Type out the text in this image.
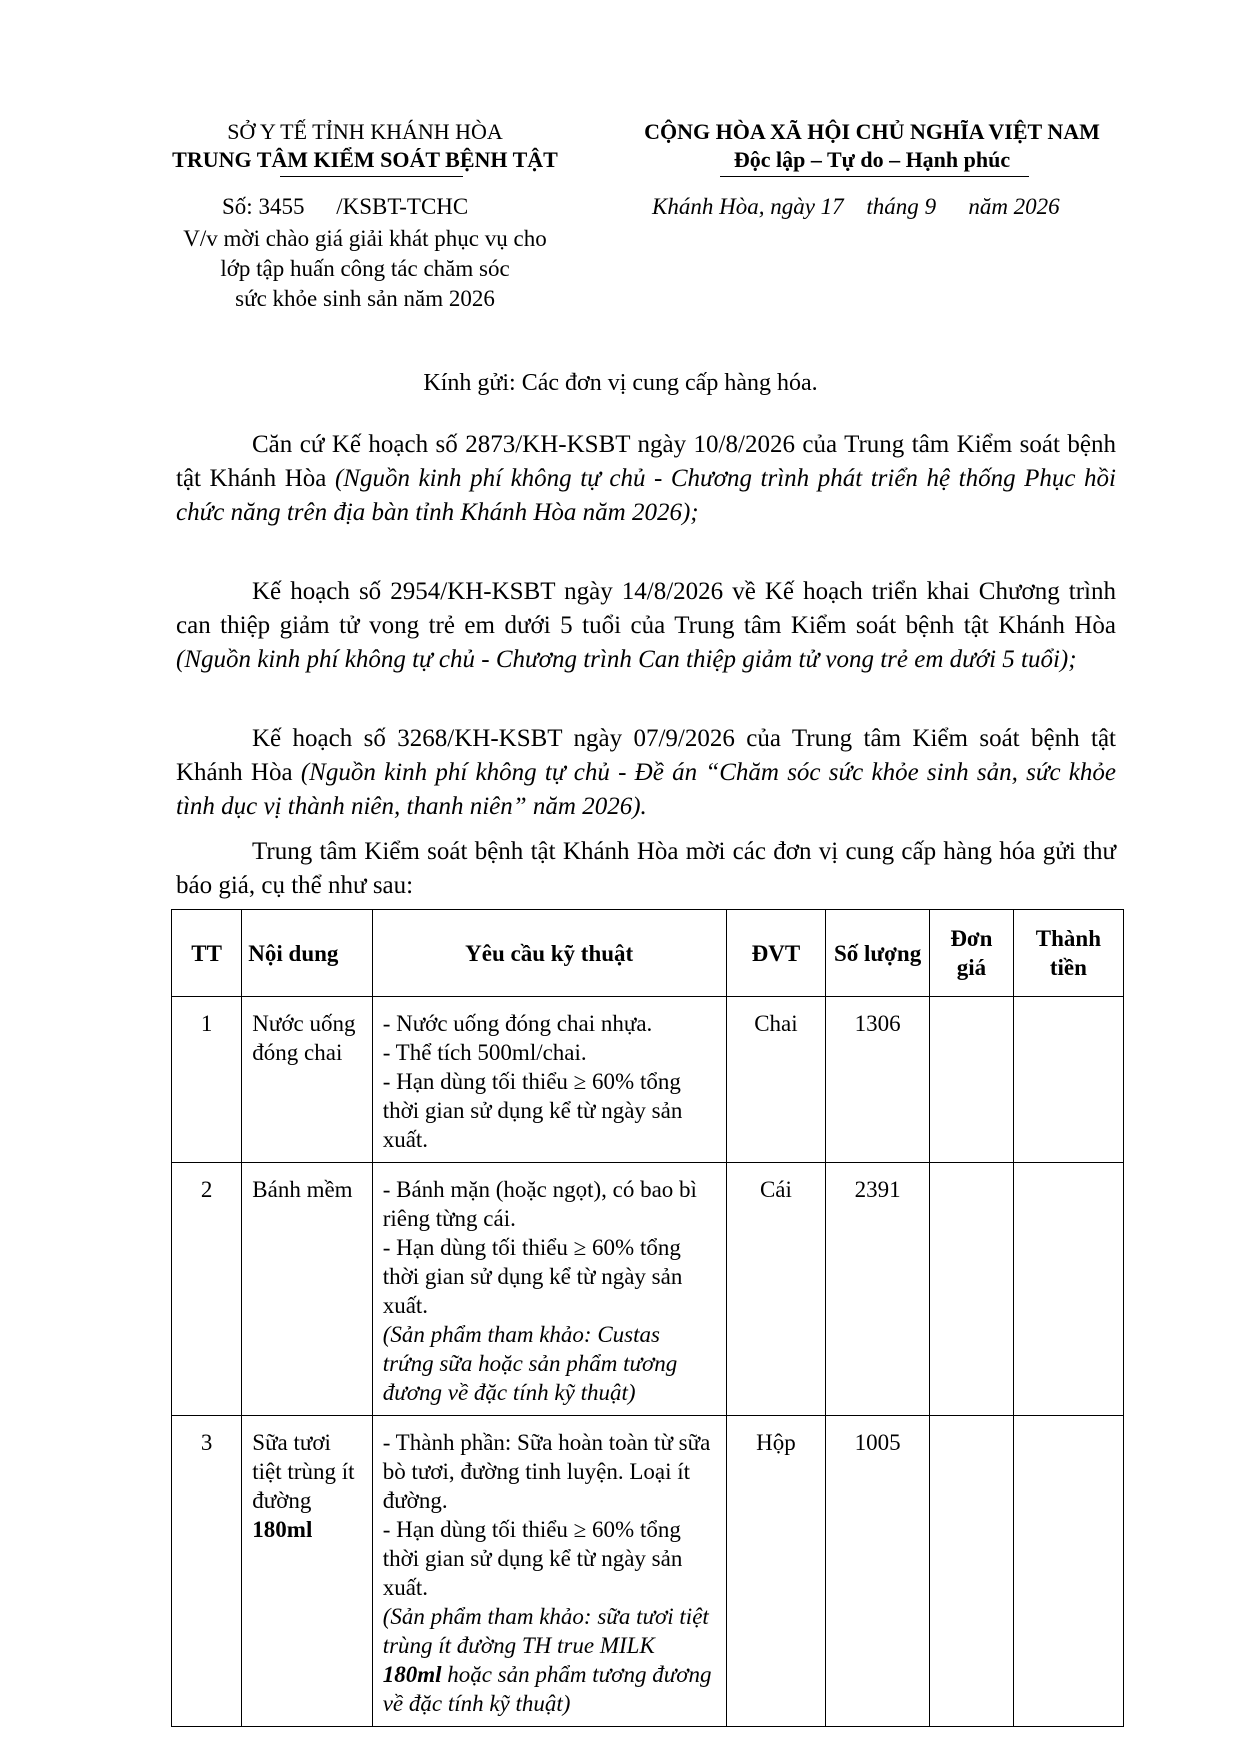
SỞ Y TẾ TỈNH KHÁNH HÒA
TRUNG TÂM KIỂM SOÁT BỆNH TẬT
CỘNG HÒA XÃ HỘI CHỦ NGHĨA VIỆT NAM
Độc lập – Tự do – Hạnh phúc
Số: 3455 /KSBT-TCHC
V/v mời chào giá giải khát phục vụ cho
lớp tập huấn công tác chăm sóc
sức khỏe sinh sản năm 2026
Khánh Hòa, ngày 17 tháng 9 năm 2026
Kính gửi: Các đơn vị cung cấp hàng hóa.

Căn cứ Kế hoạch số 2873/KH-KSBT ngày 10/8/2026 của Trung tâm Kiểm soát bệnh tật Khánh Hòa (Nguồn kinh phí không tự chủ - Chương trình phát triển hệ thống Phục hồi chức năng trên địa bàn tỉnh Khánh Hòa năm 2026);

Kế hoạch số 2954/KH-KSBT ngày 14/8/2026 về Kế hoạch triển khai Chương trình can thiệp giảm tử vong trẻ em dưới 5 tuổi của Trung tâm Kiểm soát bệnh tật Khánh Hòa (Nguồn kinh phí không tự chủ - Chương trình Can thiệp giảm tử vong trẻ em dưới 5 tuổi);

Kế hoạch số 3268/KH-KSBT ngày 07/9/2026 của Trung tâm Kiểm soát bệnh tật Khánh Hòa (Nguồn kinh phí không tự chủ - Đề án “Chăm sóc sức khỏe sinh sản, sức khỏe tình dục vị thành niên, thanh niên” năm 2026).

Trung tâm Kiểm soát bệnh tật Khánh Hòa mời các đơn vị cung cấp hàng hóa gửi thư báo giá, cụ thể như sau:

TT	Nội dung	Yêu cầu kỹ thuật	ĐVT	Số lượng	Đơn giá	Thành tiền
1	Nước uống đóng chai	- Nước uống đóng chai nhựa.
- Thể tích 500ml/chai.
- Hạn dùng tối thiểu ≥ 60% tổng thời gian sử dụng kể từ ngày sản xuất.	Chai	1306		
2	Bánh mềm	- Bánh mặn (hoặc ngọt), có bao bì riêng từng cái.
- Hạn dùng tối thiểu ≥ 60% tổng thời gian sử dụng kể từ ngày sản xuất.
(Sản phẩm tham khảo: Custas trứng sữa hoặc sản phẩm tương đương về đặc tính kỹ thuật)	Cái	2391		
3	Sữa tươi tiệt trùng ít đường 180ml	- Thành phần: Sữa hoàn toàn từ sữa bò tươi, đường tinh luyện. Loại ít đường.
- Hạn dùng tối thiểu ≥ 60% tổng thời gian sử dụng kể từ ngày sản xuất.
(Sản phẩm tham khảo: sữa tươi tiệt trùng ít đường TH true MILK 180ml hoặc sản phẩm tương đương về đặc tính kỹ thuật)	Hộp	1005		
